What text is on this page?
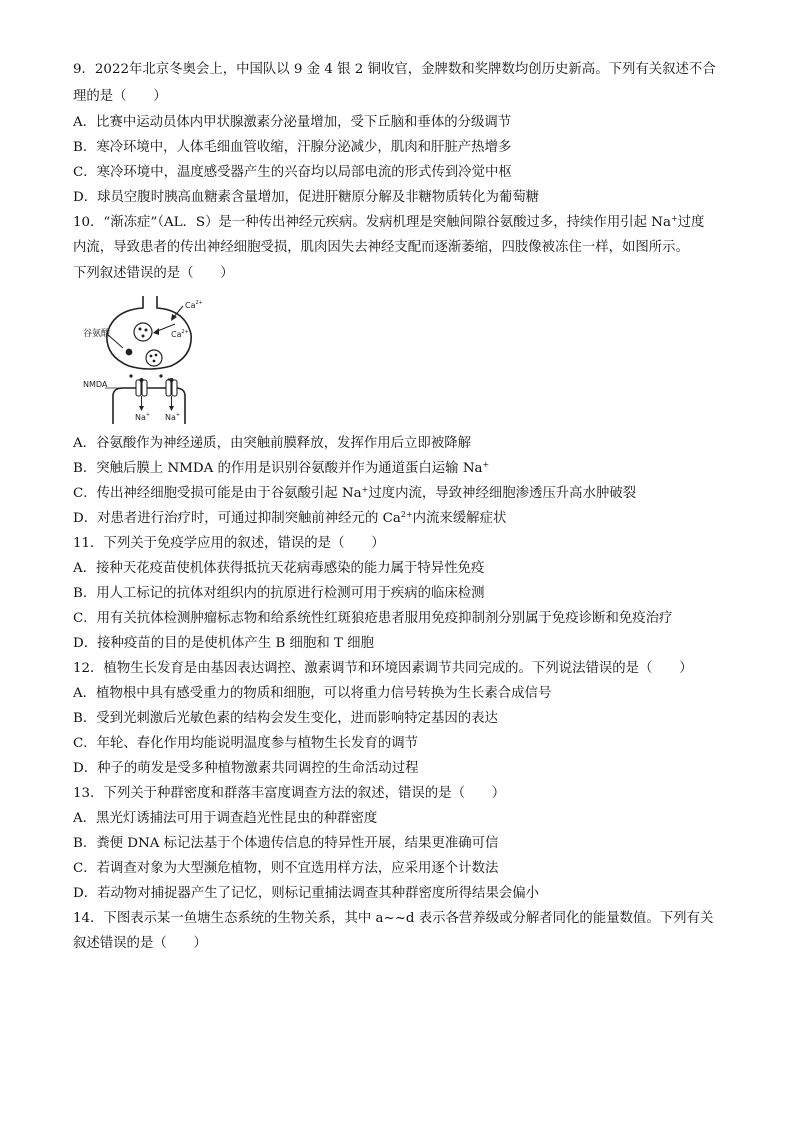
9．2022年北京冬奥会上，中国队以 9 金 4 银 2 铜收官，金牌数和奖牌数均创历史新高。下列有关叙述不合
理的是（　　）
A．比赛中运动员体内甲状腺激素分泌量增加，受下丘脑和垂体的分级调节
B．寒冷环境中，人体毛细血管收缩，汗腺分泌减少，肌肉和肝脏产热增多
C．寒冷环境中，温度感受器产生的兴奋均以局部电流的形式传到冷觉中枢
D．球员空腹时胰高血糖素含量增加，促进肝糖原分解及非糖物质转化为葡萄糖
10．“渐冻症”（AL．S）是一种传出神经元疾病。发病机理是突触间隙谷氨酸过多，持续作用引起 Na+过度
内流，导致患者的传出神经细胞受损，肌肉因失去神经支配而逐渐萎缩，四肢像被冻住一样，如图所示。
下列叙述错误的是（　　）
谷氨酸
$Ca^{2+}$
$Ca^{2+}$
NMDA
Na+ Na+
A．谷氨酸作为神经递质，由突触前膜释放，发挥作用后立即被降解
B．突触后膜上 NMDA 的作用是识别谷氨酸并作为通道蛋白运输 Na+
C．传出神经细胞受损可能是由于谷氨酸引起 Na+过度内流，导致神经细胞渗透压升高水肿破裂
D．对患者进行治疗时，可通过抑制突触前神经元的 $Ca^{2+}$内流来缓解症状
11．下列关于免疫学应用的叙述，错误的是（　　）
A．接种天花疫苗使机体获得抵抗天花病毒感染的能力属于特异性免疫
B．用人工标记的抗体对组织内的抗原进行检测可用于疾病的临床检测
C．用有关抗体检测肿瘤标志物和给系统性红斑狼疮患者服用免疫抑制剂分别属于免疫诊断和免疫治疗
D．接种疫苗的目的是使机体产生 B 细胞和 T 细胞
12．植物生长发育是由基因表达调控、激素调节和环境因素调节共同完成的。下列说法错误的是（　　）
A．植物根中具有感受重力的物质和细胞，可以将重力信号转换为生长素合成信号
B．受到光刺激后光敏色素的结构会发生变化，进而影响特定基因的表达
C．年轮、春化作用均能说明温度参与植物生长发育的调节
D．种子的萌发是受多种植物激素共同调控的生命活动过程
13．下列关于种群密度和群落丰富度调查方法的叙述，错误的是（　　）
A．黑光灯诱捕法可用于调查趋光性昆虫的种群密度
B．粪便 DNA 标记法基于个体遗传信息的特异性开展，结果更准确可信
C．若调查对象为大型濒危植物，则不宜选用样方法，应采用逐个计数法
D．若动物对捕捉器产生了记忆，则标记重捕法调查其种群密度所得结果会偏小
14．下图表示某一鱼塘生态系统的生物关系，其中 a~~d 表示各营养级或分解者同化的能量数值。下列有关
叙述错误的是（　　）
